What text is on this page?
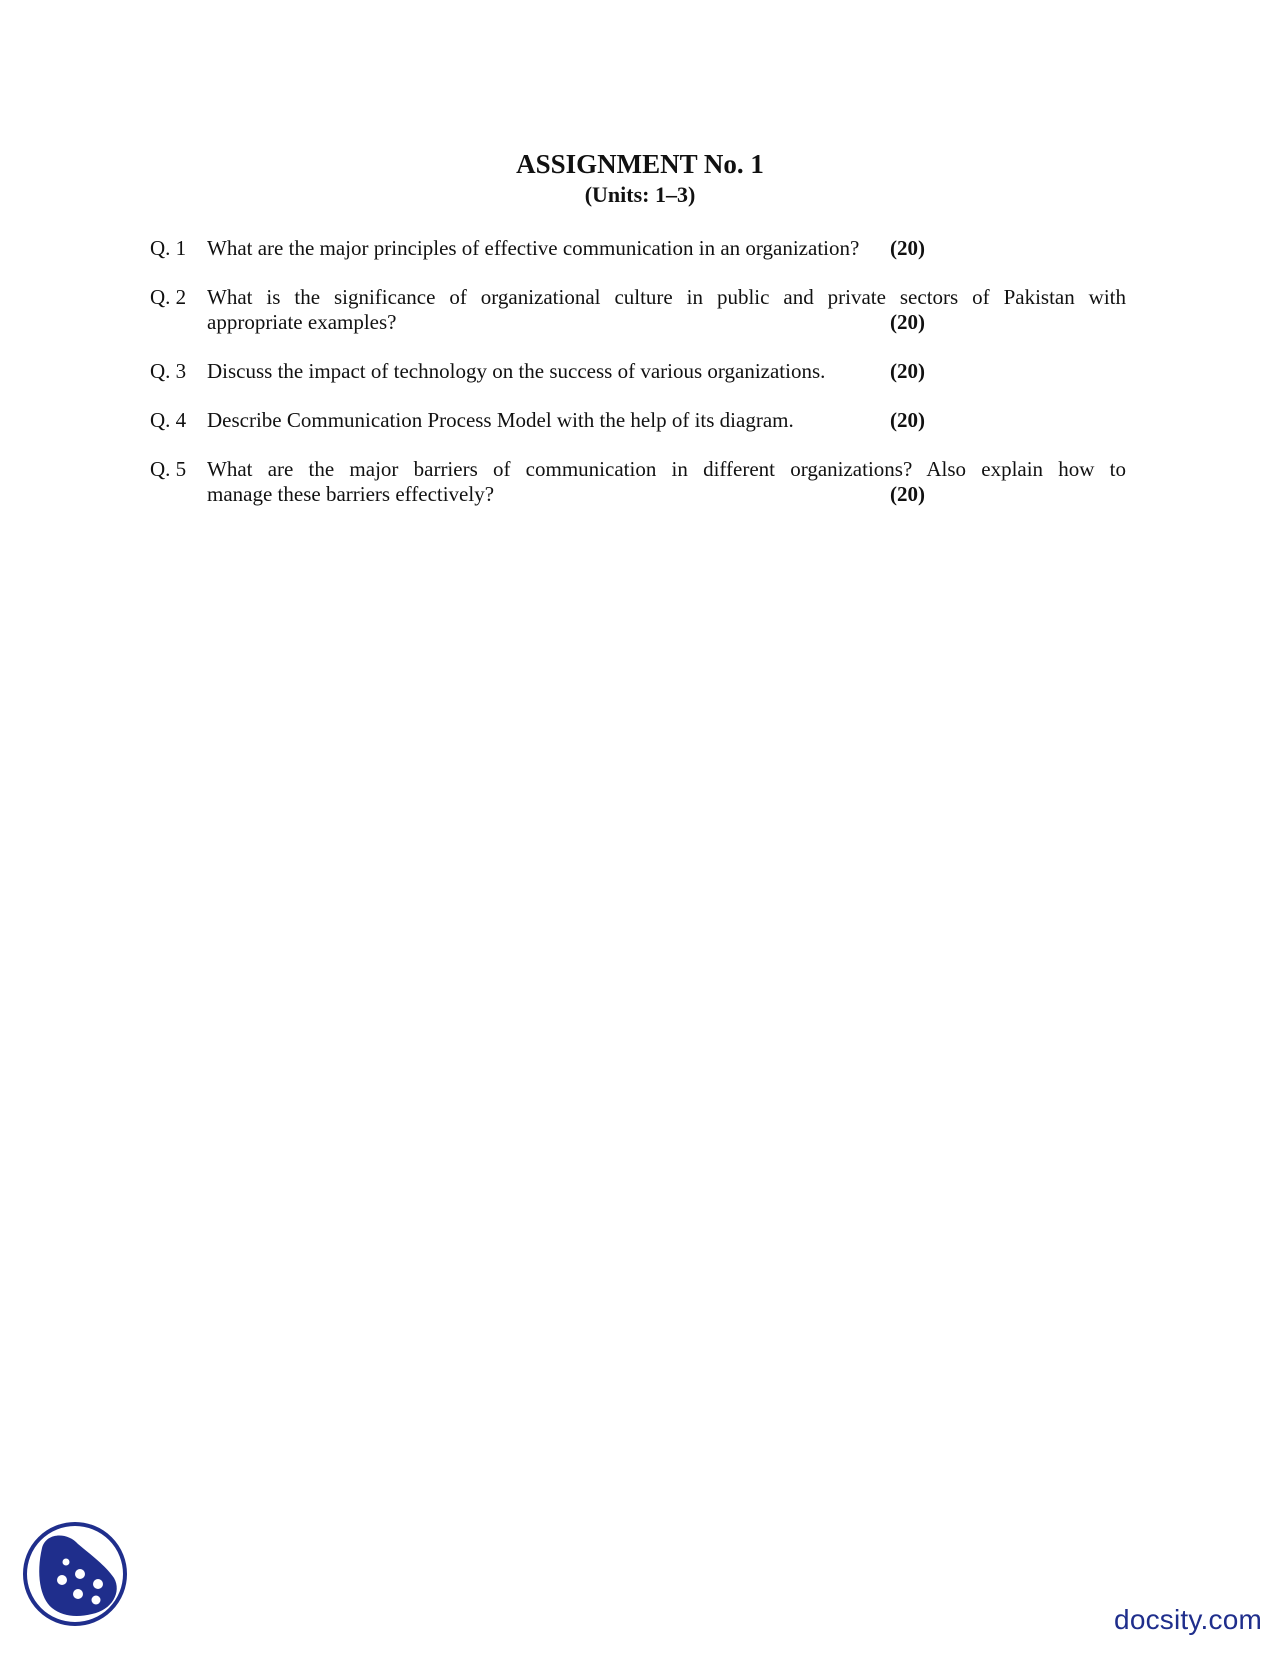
ASSIGNMENT No. 1
(Units: 1–3)
Q. 1 What are the major principles of effective communication in an organization?	(20)
Q. 2 What is the significance of organizational culture in public and private sectors of Pakistan with
appropriate examples?	(20)
Q. 3 Discuss the impact of technology on the success of various organizations.	(20)
Q. 4 Describe Communication Process Model with the help of its diagram.	(20)
Q. 5 What are the major barriers of communication in different organizations? Also explain how to
manage these barriers effectively?	(20)
docsity.com
